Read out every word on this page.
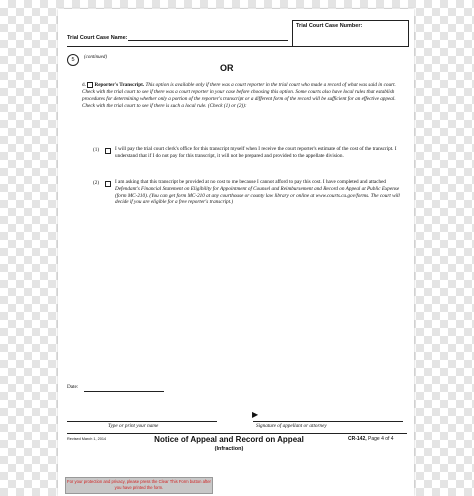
Trial Court Case Name:
Trial Court Case Number:
5	(continued)
OR
d. Reporter's Transcript. This option is available only if there was a court reporter in the trial court who made a record of what was said in court. Check with the trial court to see if there was a court reporter in your case before choosing this option. Some courts also have local rules that establish procedures for determining whether only a portion of the reporter's transcript or a different form of the record will be sufficient for an effective appeal. Check with the trial court to see if there is such a local rule. (Check (1) or (2)):
(1)	I will pay the trial court clerk's office for this transcript myself when I receive the court reporter's estimate of the cost of the transcript. I understand that if I do not pay for this transcript, it will not be prepared and provided to the appellate division.
(2)	I am asking that this transcript be provided at no cost to me because I cannot afford to pay this cost. I have completed and attached Defendant's Financial Statement on Eligibility for Appointment of Counsel and Reimbursement and Record on Appeal at Public Expense (form MC-210). (You can get form MC-210 at any courthouse or county law library or online at www.courts.ca.gov/forms. The court will decide if you are eligible for a free reporter's transcript.)
Date:
Type or print your name
▶
Signature of appellant or attorney
Revised March 1, 2014	Notice of Appeal and Record on Appeal
(Infraction)
CR-142, Page 4 of 4
For your protection and privacy, please press the Clear This Form button after you have printed the form.
